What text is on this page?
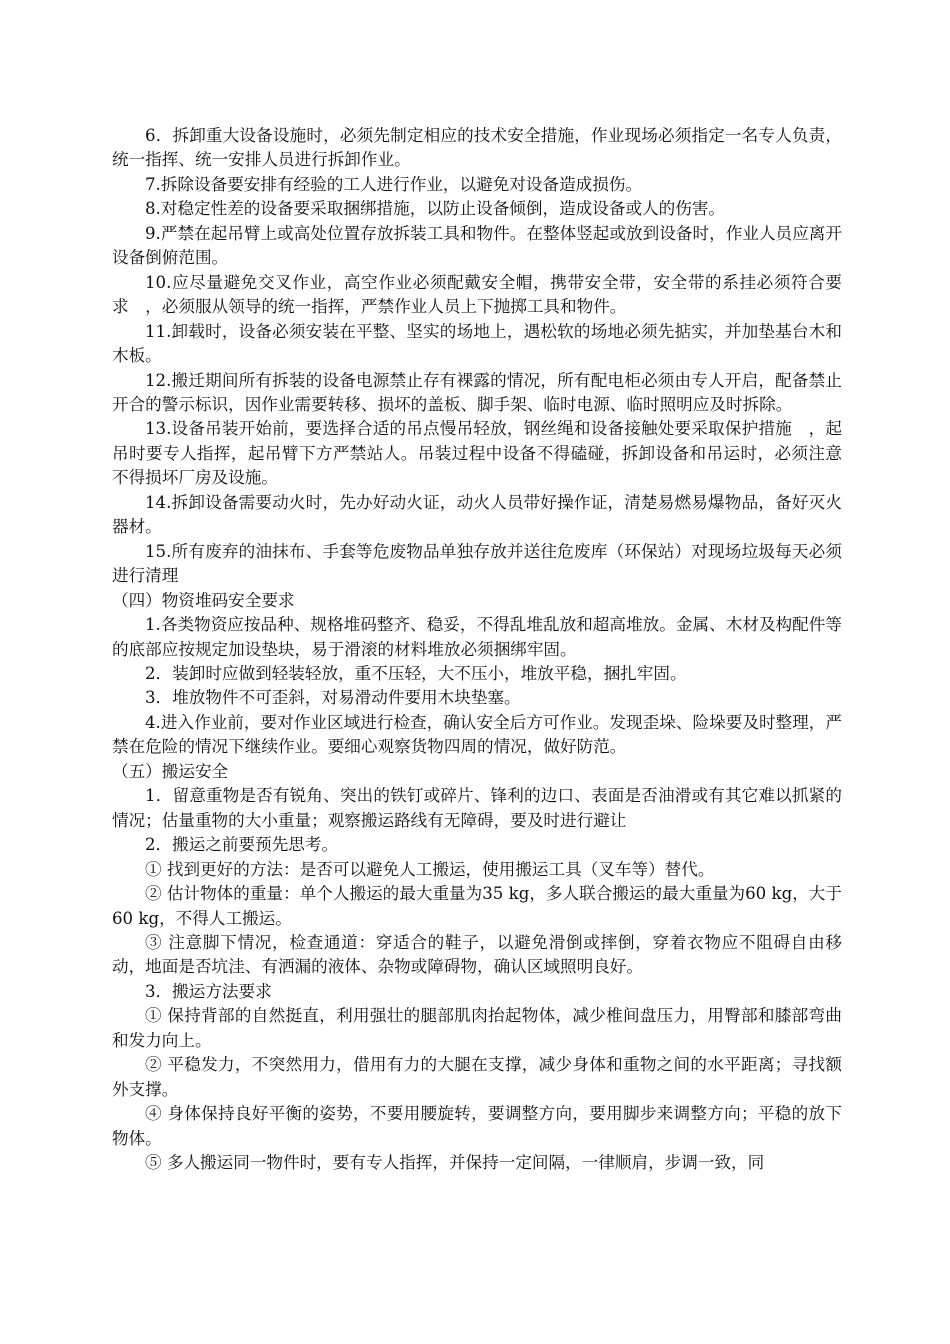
6．拆卸重大设备设施时，必须先制定相应的技术安全措施，作业现场必须指定一名专人负责，统一指挥、统一安排人员进行拆卸作业。

7.拆除设备要安排有经验的工人进行作业，以避免对设备造成损伤。

8.对稳定性差的设备要采取捆绑措施，以防止设备倾倒，造成设备或人的伤害。

9.严禁在起吊臂上或高处位置存放拆装工具和物件。在整体竖起或放到设备时，作业人员应离开设备倒俯范围。

10.应尽量避免交叉作业，高空作业必须配戴安全帽，携带安全带，安全带的系挂必须符合要求　，必须服从领导的统一指挥，严禁作业人员上下抛掷工具和物件。

11.卸载时，设备必须安装在平整、坚实的场地上，遇松软的场地必须先掂实，并加垫基台木和木板。

12.搬迁期间所有拆装的设备电源禁止存有裸露的情况，所有配电柜必须由专人开启，配备禁止开合的警示标识，因作业需要转移、损坏的盖板、脚手架、临时电源、临时照明应及时拆除。

13.设备吊装开始前，要选择合适的吊点慢吊轻放，钢丝绳和设备接触处要采取保护措施　，起吊时要专人指挥，起吊臂下方严禁站人。吊装过程中设备不得磕碰，拆卸设备和吊运时，必须注意不得损坏厂房及设施。

14.拆卸设备需要动火时，先办好动火证，动火人员带好操作证，清楚易燃易爆物品，备好灭火器材。

15.所有废弃的油抹布、手套等危废物品单独存放并送往危废库（环保站）对现场垃圾每天必须进行清理

（四）物资堆码安全要求

1.各类物资应按品种、规格堆码整齐、稳妥，不得乱堆乱放和超高堆放。金属、木材及构配件等的底部应按规定加设垫块，易于滑滚的材料堆放必须捆绑牢固。

2．装卸时应做到轻装轻放，重不压轻，大不压小，堆放平稳，捆扎牢固。

3．堆放物件不可歪斜，对易滑动件要用木块垫塞。

4.进入作业前，要对作业区域进行检查，确认安全后方可作业。发现歪垛、险垛要及时整理，严禁在危险的情况下继续作业。要细心观察货物四周的情况，做好防范。

（五）搬运安全

1．留意重物是否有锐角、突出的铁钉或碎片、锋利的边口、表面是否油滑或有其它难以抓紧的情况；估量重物的大小重量；观察搬运路线有无障碍，要及时进行避让

2．搬运之前要预先思考。

① 找到更好的方法：是否可以避免人工搬运，使用搬运工具（叉车等）替代。

② 估计物体的重量：单个人搬运的最大重量为35 kg，多人联合搬运的最大重量为60 kg，大于60 kg，不得人工搬运。

③ 注意脚下情况，检查通道：穿适合的鞋子，以避免滑倒或摔倒，穿着衣物应不阻碍自由移动，地面是否坑洼、有洒漏的液体、杂物或障碍物，确认区域照明良好。

3．搬运方法要求

① 保持背部的自然挺直，利用强壮的腿部肌肉抬起物体，减少椎间盘压力，用臀部和膝部弯曲和发力向上。

② 平稳发力，不突然用力，借用有力的大腿在支撑，减少身体和重物之间的水平距离；寻找额外支撑。

④ 身体保持良好平衡的姿势，不要用腰旋转，要调整方向，要用脚步来调整方向；平稳的放下物体。

⑤ 多人搬运同一物件时，要有专人指挥，并保持一定间隔，一律顺肩，步调一致，同
